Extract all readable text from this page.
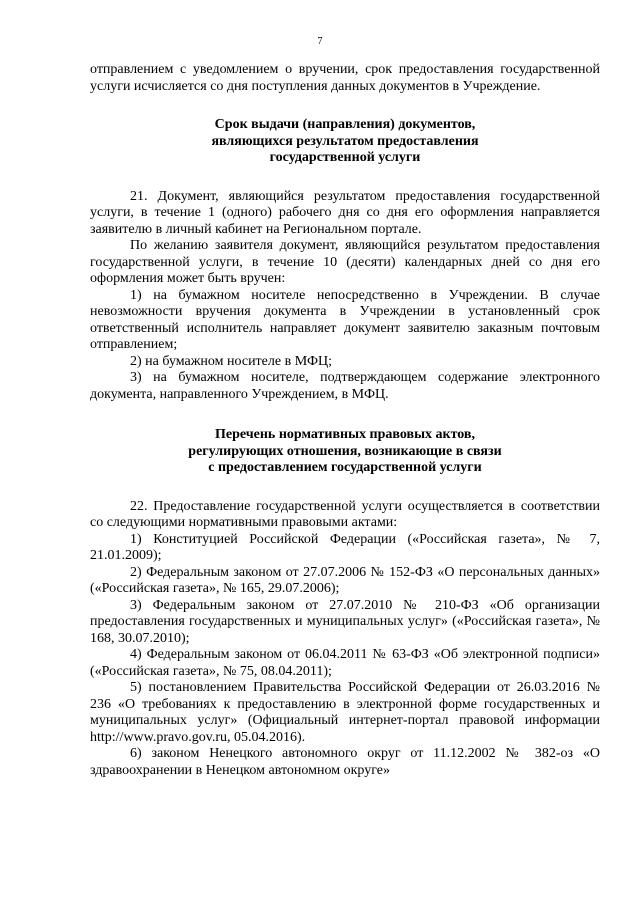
7

отправлением с уведомлением о вручении, срок предоставления государственной услуги исчисляется со дня поступления данных документов в Учреждение.

Срок выдачи (направления) документов,
являющихся результатом предоставления
государственной услуги

21. Документ, являющийся результатом предоставления государственной услуги, в течение 1 (одного) рабочего дня со дня его оформления направляется заявителю в личный кабинет на Региональном портале.

По желанию заявителя документ, являющийся результатом предоставления государственной услуги, в течение 10 (десяти) календарных дней со дня его оформления может быть вручен:

1) на бумажном носителе непосредственно в Учреждении. В случае невозможности вручения документа в Учреждении в установленный срок ответственный исполнитель направляет документ заявителю заказным почтовым отправлением;

2) на бумажном носителе в МФЦ;

3) на бумажном носителе, подтверждающем содержание электронного документа, направленного Учреждением, в МФЦ.

Перечень нормативных правовых актов,
регулирующих отношения, возникающие в связи
с предоставлением государственной услуги

22. Предоставление государственной услуги осуществляется в соответствии со следующими нормативными правовыми актами:

1) Конституцией Российской Федерации («Российская газета», № 7, 21.01.2009);

2) Федеральным законом от 27.07.2006 № 152-ФЗ «О персональных данных» («Российская газета», № 165, 29.07.2006);

3) Федеральным законом от 27.07.2010 № 210-ФЗ «Об организации предоставления государственных и муниципальных услуг» («Российская газета», № 168, 30.07.2010);

4) Федеральным законом от 06.04.2011 № 63-ФЗ «Об электронной подписи» («Российская газета», № 75, 08.04.2011);

5) постановлением Правительства Российской Федерации от 26.03.2016 № 236 «О требованиях к предоставлению в электронной форме государственных и муниципальных услуг» (Официальный интернет-портал правовой информации http://www.pravo.gov.ru, 05.04.2016).

6) законом Ненецкого автономного округ от 11.12.2002 № 382-оз «О здравоохранении в Ненецком автономном округе»
